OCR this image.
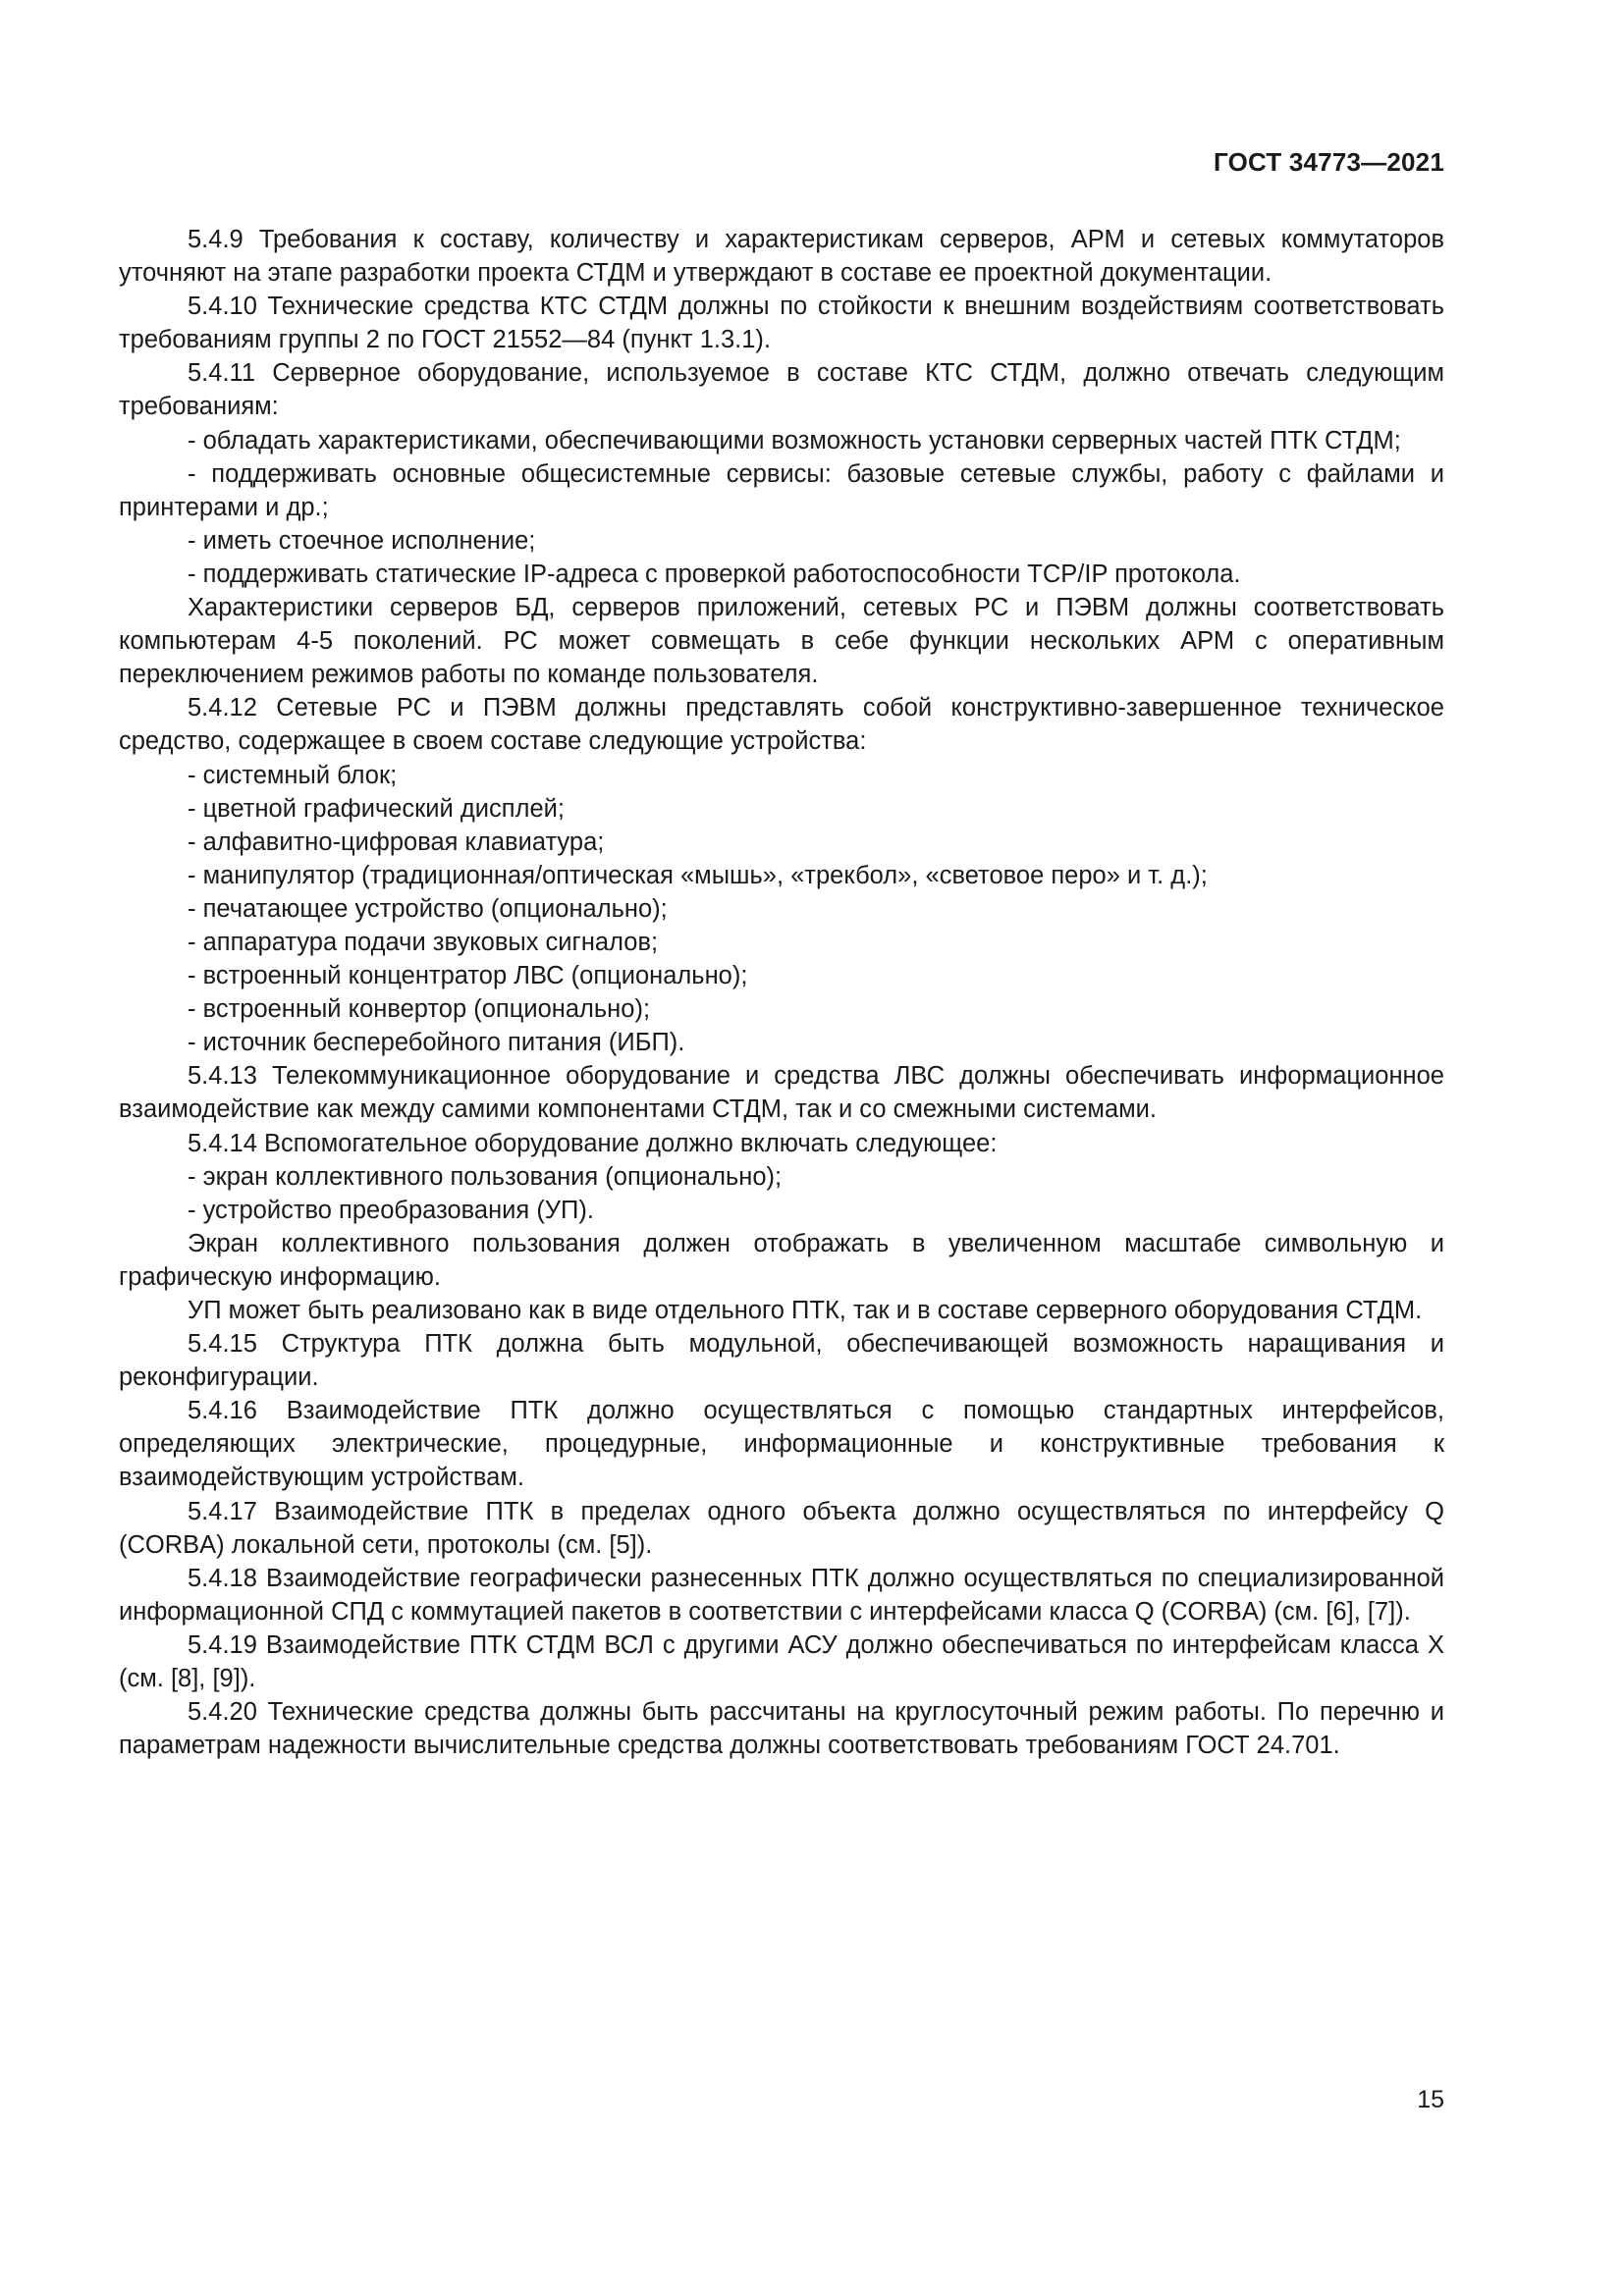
ГОСТ 34773—2021

5.4.9 Требования к составу, количеству и характеристикам серверов, АРМ и сетевых коммутаторов уточняют на этапе разработки проекта СТДМ и утверждают в составе ее проектной документации.

5.4.10 Технические средства КТС СТДМ должны по стойкости к внешним воздействиям соответствовать требованиям группы 2 по ГОСТ 21552—84 (пункт 1.3.1).

5.4.11 Серверное оборудование, используемое в составе КТС СТДМ, должно отвечать следующим требованиям:

- обладать характеристиками, обеспечивающими возможность установки серверных частей ПТК СТДМ;

- поддерживать основные общесистемные сервисы: базовые сетевые службы, работу с файлами и принтерами и др.;

- иметь стоечное исполнение;

- поддерживать статические IP-адреса с проверкой работоспособности TCP/IP протокола.

Характеристики серверов БД, серверов приложений, сетевых РС и ПЭВМ должны соответствовать компьютерам 4-5 поколений. РС может совмещать в себе функции нескольких АРМ с оперативным переключением режимов работы по команде пользователя.

5.4.12 Сетевые РС и ПЭВМ должны представлять собой конструктивно-завершенное техническое средство, содержащее в своем составе следующие устройства:

- системный блок;

- цветной графический дисплей;

- алфавитно-цифровая клавиатура;

- манипулятор (традиционная/оптическая «мышь», «трекбол», «световое перо» и т. д.);

- печатающее устройство (опционально);

- аппаратура подачи звуковых сигналов;

- встроенный концентратор ЛВС (опционально);

- встроенный конвертор (опционально);

- источник бесперебойного питания (ИБП).

5.4.13 Телекоммуникационное оборудование и средства ЛВС должны обеспечивать информационное взаимодействие как между самими компонентами СТДМ, так и со смежными системами.

5.4.14 Вспомогательное оборудование должно включать следующее:

- экран коллективного пользования (опционально);

- устройство преобразования (УП).

Экран коллективного пользования должен отображать в увеличенном масштабе символьную и графическую информацию.

УП может быть реализовано как в виде отдельного ПТК, так и в составе серверного оборудования СТДМ.

5.4.15 Структура ПТК должна быть модульной, обеспечивающей возможность наращивания и реконфигурации.

5.4.16 Взаимодействие ПТК должно осуществляться с помощью стандартных интерфейсов, определяющих электрические, процедурные, информационные и конструктивные требования к взаимодействующим устройствам.

5.4.17 Взаимодействие ПТК в пределах одного объекта должно осуществляться по интерфейсу Q (CORBA) локальной сети, протоколы (см. [5]).

5.4.18 Взаимодействие географически разнесенных ПТК должно осуществляться по специализированной информационной СПД с коммутацией пакетов в соответствии с интерфейсами класса Q (CORBA) (см. [6], [7]).

5.4.19 Взаимодействие ПТК СТДМ ВСЛ с другими АСУ должно обеспечиваться по интерфейсам класса X (см. [8], [9]).

5.4.20 Технические средства должны быть рассчитаны на круглосуточный режим работы. По перечню и параметрам надежности вычислительные средства должны соответствовать требованиям ГОСТ 24.701.

15
